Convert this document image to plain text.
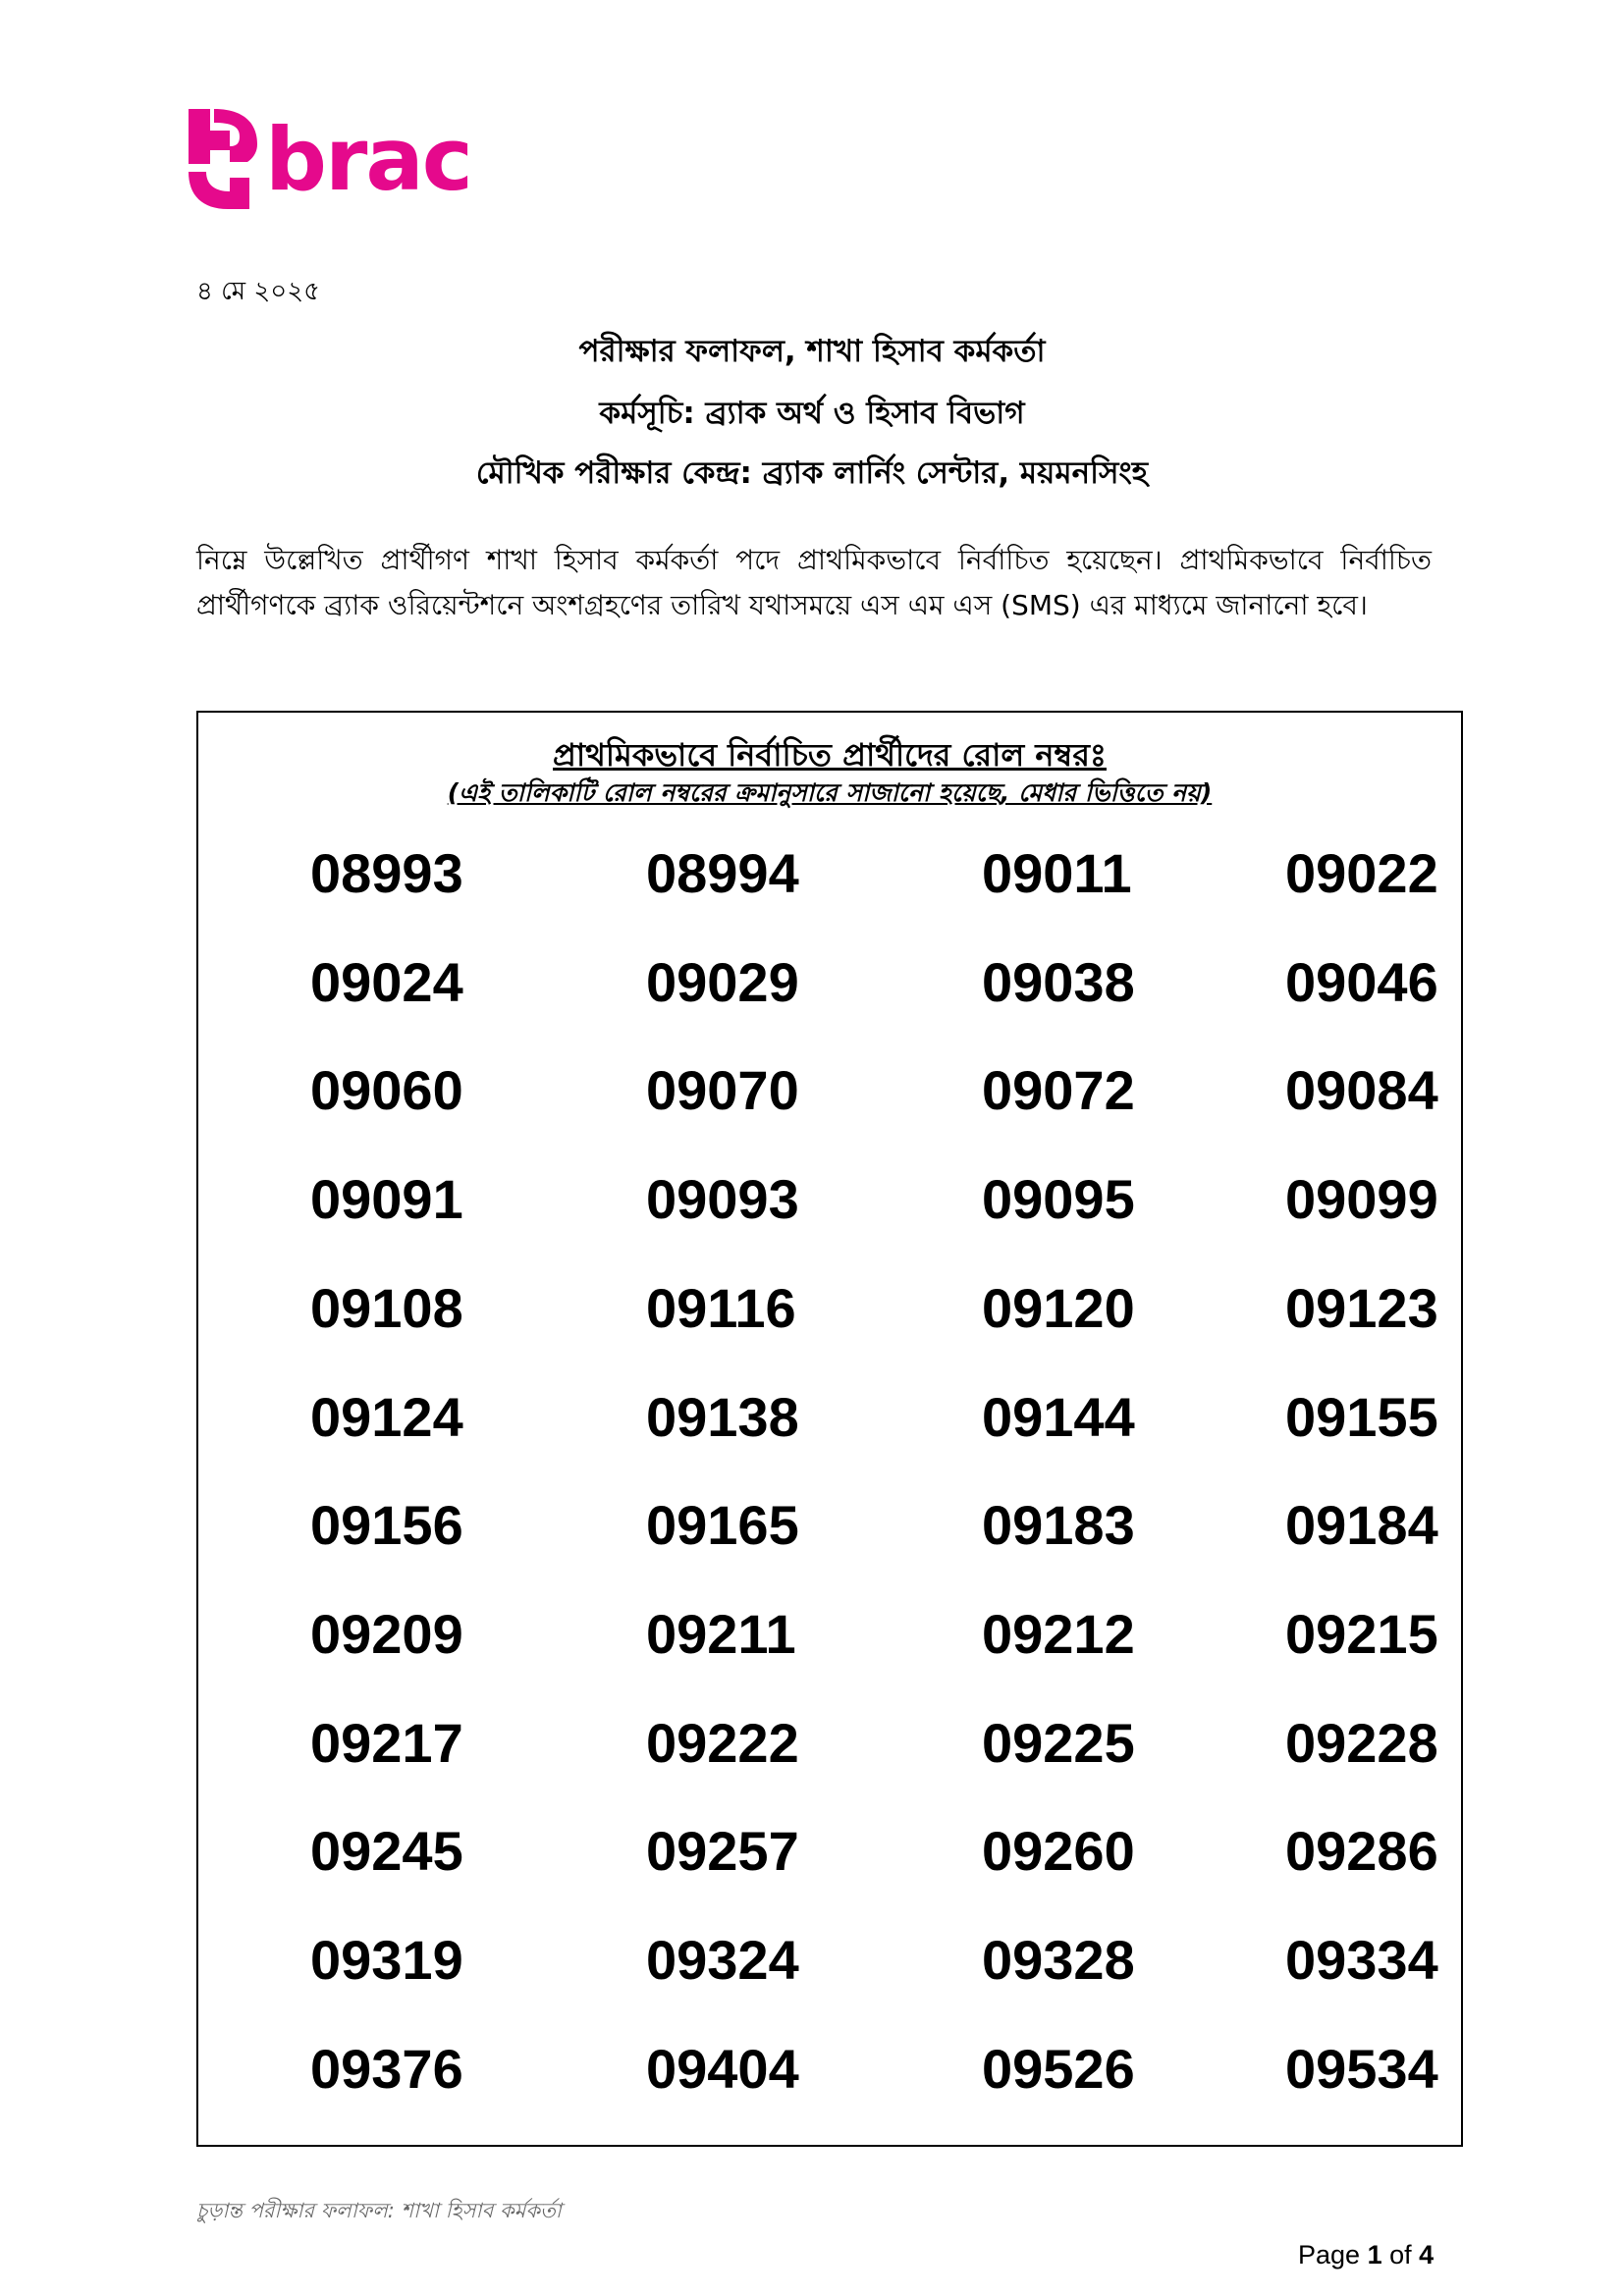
brac
৪ মে ২০২৫
পরীক্ষার ফলাফল, শাখা হিসাব কর্মকর্তা
কর্মসূচি: ব্র্যাক অর্থ ও হিসাব বিভাগ
মৌখিক পরীক্ষার কেন্দ্র: ব্র্যাক লার্নিং সেন্টার, ময়মনসিংহ
নিম্নে উল্লেখিত প্রার্থীগণ শাখা হিসাব কর্মকর্তা পদে প্রাথমিকভাবে নির্বাচিত হয়েছেন। প্রাথমিকভাবে নির্বাচিত প্রার্থীগণকে ব্র্যাক ওরিয়েন্টশনে অংশগ্রহণের তারিখ যথাসময়ে এস এম এস (SMS) এর মাধ্যমে জানানো হবে।
প্রাথমিকভাবে নির্বাচিত প্রার্থীদের রোল নম্বরঃ
(এই তালিকাটি রোল নম্বরের ক্রমানুসারে সাজানো হয়েছে, মেধার ভিত্তিতে নয়)
08993	08994	09011	09022
09024	09029	09038	09046
09060	09070	09072	09084
09091	09093	09095	09099
09108	09116	09120	09123
09124	09138	09144	09155
09156	09165	09183	09184
09209	09211	09212	09215
09217	09222	09225	09228
09245	09257	09260	09286
09319	09324	09328	09334
09376	09404	09526	09534
চুড়ান্ত পরীক্ষার ফলাফল: শাখা হিসাব কর্মকর্তা
Page 1 of 4
